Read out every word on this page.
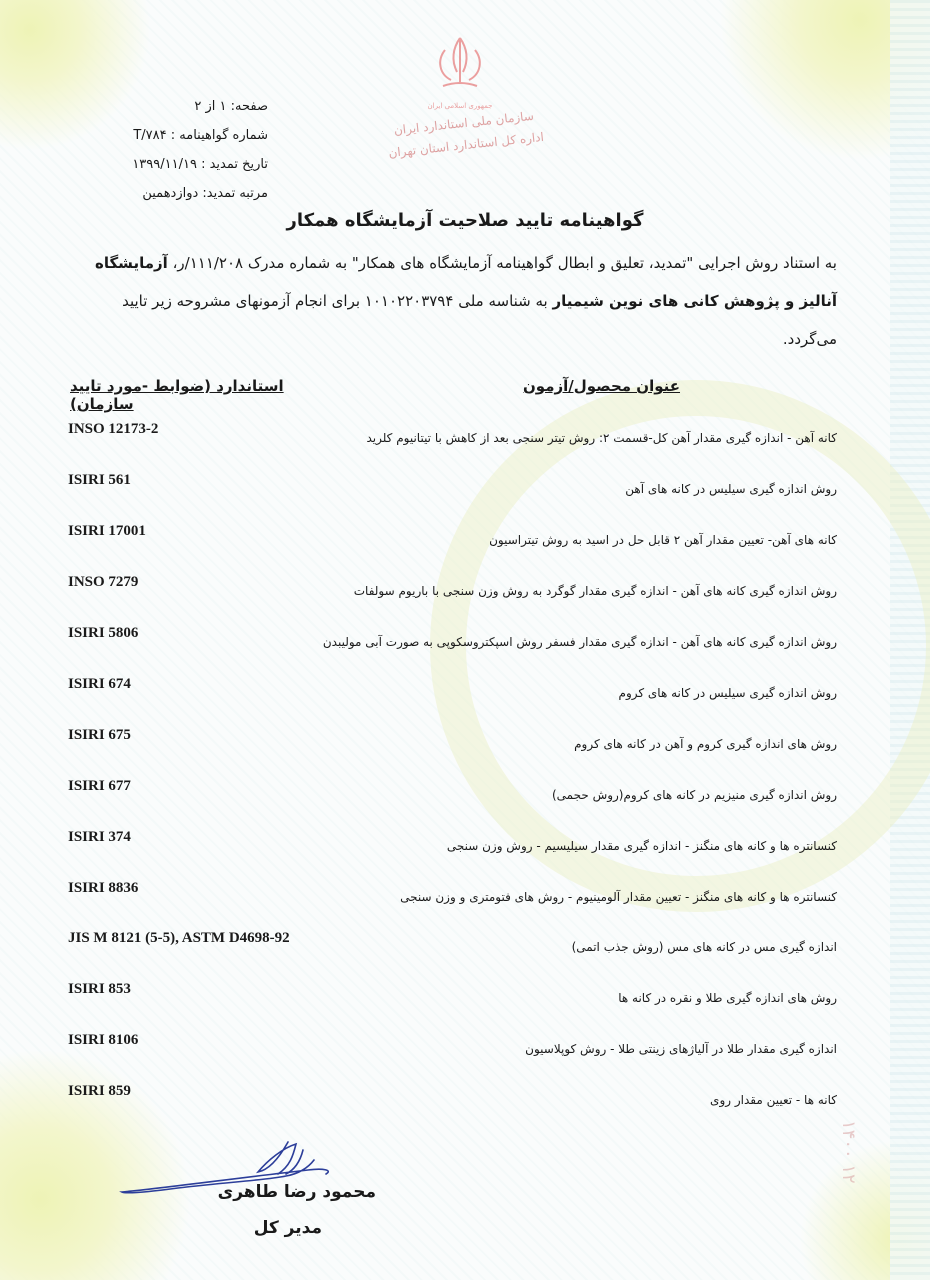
جمهوری اسلامی ایران
سازمان ملی استاندارد ایران
اداره کل استاندارد استان تهران
صفحه: ۱ از ۲
شماره گواهینامه : T/۷۸۴
تاریخ تمدید : ۱۳۹۹/۱۱/۱۹
مرتبه تمدید: دوازدهمین
گواهینامه تایید صلاحیت آزمایشگاه همکار
به استناد روش اجرایی "تمدید، تعلیق و ابطال گواهینامه آزمایشگاه های همکار" به شماره مدرک ۱۱۱/۲۰۸/ر، آزمایشگاه آنالیز و پژوهش کانی های نوین شیمیار به شناسه ملی ۱۰۱۰۲۲۰۳۷۹۴ برای انجام آزمونهای مشروحه زیر تایید می‌گردد.
استاندارد (ضوابط -مورد تایید سازمان)
عنوان محصول/آزمون
INSO 12173-2
کانه آهن - اندازه گیری مقدار آهن کل-قسمت ۲: روش تیتر سنجی بعد از کاهش با تیتانیوم کلرید
ISIRI 561
روش اندازه گیری سیلیس در کانه های آهن
ISIRI 17001
کانه های آهن- تعیین مقدار آهن ۲ قابل حل در اسید به روش تیتراسیون
INSO 7279
روش اندازه گیری کانه های آهن - اندازه گیری مقدار گوگرد به روش وزن سنجی با باریوم سولفات
ISIRI 5806
روش اندازه گیری کانه های آهن - اندازه گیری مقدار فسفر روش اسپکتروسکوپی به صورت آبی مولیبدن
ISIRI 674
روش اندازه گیری سیلیس در کانه های کروم
ISIRI 675
روش های اندازه گیری کروم و آهن در کانه های کروم
ISIRI 677
روش اندازه گیری منیزیم در کانه های کروم(روش حجمی)
ISIRI 374
کنسانتره ها و کانه های منگنز - اندازه گیری مقدار سیلیسیم - روش وزن سنجی
ISIRI 8836
کنسانتره ها و کانه های منگنز - تعیین مقدار آلومینیوم - روش های فتومتری و وزن سنجی
JIS M 8121 (5-5), ASTM D4698-92
اندازه گیری مس در کانه های مس (روش جذب اتمی)
ISIRI 853
روش های اندازه گیری طلا و نقره در کانه ها
ISIRI 8106
اندازه گیری مقدار طلا در آلیاژهای زینتی طلا - روش کوپلاسیون
ISIRI 859
کانه ها - تعیین مقدار روی
محمود رضا طاهری
مدیر کل
۱۴۰۰ ۱۲
